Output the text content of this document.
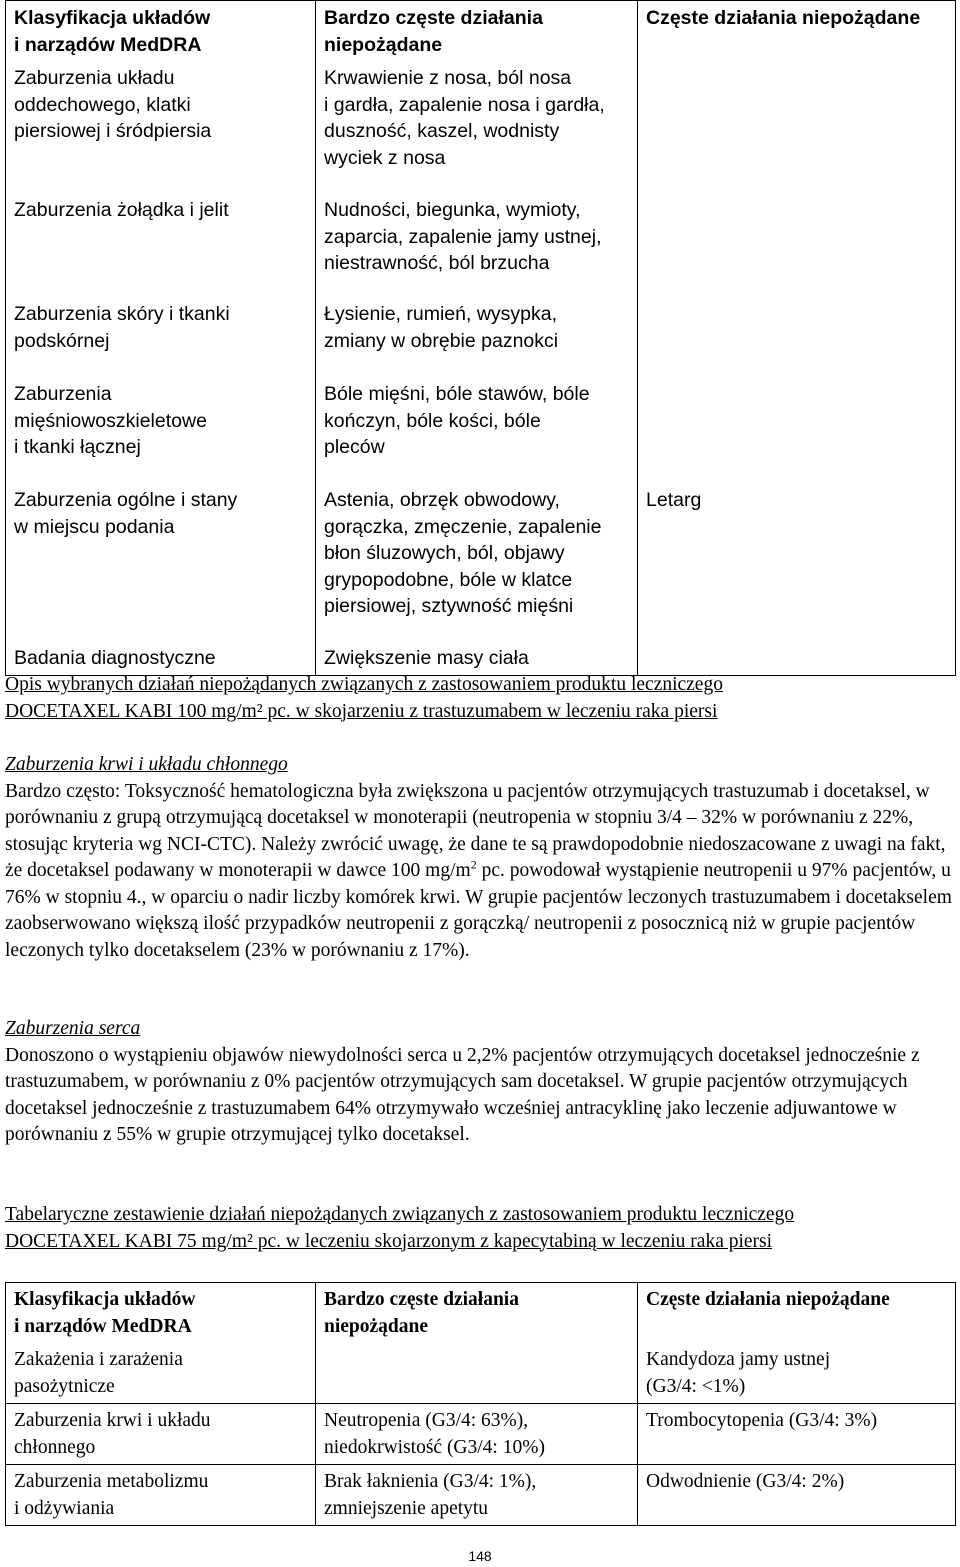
Klasyfikacja układów
i narządów MedDRA	Bardzo częste działania
niepożądane	Częste działania niepożądane

Zaburzenia układu
oddechowego, klatki
piersiowej i śródpiersia	Krwawienie z nosa, ból nosa
i gardła, zapalenie nosa i gardła,
duszność, kaszel, wodnisty
wyciek z nosa	

Zaburzenia żołądka i jelit	Nudności, biegunka, wymioty,
zaparcia, zapalenie jamy ustnej,
niestrawność, ból brzucha	

Zaburzenia skóry i tkanki
podskórnej	Łysienie, rumień, wysypka,
zmiany w obrębie paznokci	

Zaburzenia
mięśniowoszkieletowe
i tkanki łącznej	Bóle mięśni, bóle stawów, bóle
kończyn, bóle kości, bóle
pleców	

Zaburzenia ogólne i stany
w miejscu podania	Astenia, obrzęk obwodowy,
gorączka, zmęczenie, zapalenie
błon śluzowych, ból, objawy
grypopodobne, bóle w klatce
piersiowej, sztywność mięśni	Letarg

Badania diagnostyczne	Zwiększenie masy ciała	

Opis wybranych działań niepożądanych związanych z zastosowaniem produktu leczniczego

DOCETAXEL KABI 100 mg/m² pc. w skojarzeniu z trastuzumabem w leczeniu raka piersi

Zaburzenia krwi i układu chłonnego

Bardzo często: Toksyczność hematologiczna była zwiększona u pacjentów otrzymujących trastuzumab i docetaksel, w porównaniu z grupą otrzymującą docetaksel w monoterapii (neutropenia w stopniu 3/4 – 32% w porównaniu z 22%, stosując kryteria wg NCI-CTC). Należy zwrócić uwagę, że dane te są prawdopodobnie niedoszacowane z uwagi na fakt, że docetaksel podawany w monoterapii w dawce 100 $mg/m^2$ pc. powodował wystąpienie neutropenii u 97% pacjentów, u 76% w stopniu 4., w oparciu o nadir liczby komórek krwi. W grupie pacjentów leczonych trastuzumabem i docetakselem zaobserwowano większą ilość przypadków neutropenii z gorączką/ neutropenii z posocznicą niż w grupie pacjentów leczonych tylko docetakselem (23% w porównaniu z 17%).

Zaburzenia serca

Donoszono o wystąpieniu objawów niewydolności serca u 2,2% pacjentów otrzymujących docetaksel jednocześnie z trastuzumabem, w porównaniu z 0% pacjentów otrzymujących sam docetaksel. W grupie pacjentów otrzymujących docetaksel jednocześnie z trastuzumabem 64% otrzymywało wcześniej antracyklinę jako leczenie adjuwantowe w porównaniu z 55% w grupie otrzymującej tylko docetaksel.

Tabelaryczne zestawienie działań niepożądanych związanych z zastosowaniem produktu leczniczego

DOCETAXEL KABI 75 mg/m² pc. w leczeniu skojarzonym z kapecytabiną w leczeniu raka piersi

Klasyfikacja układów
i narządów MedDRA	Bardzo częste działania
niepożądane	Częste działania niepożądane

Zakażenia i zarażenia
pasożytnicze		Kandydoza jamy ustnej
(G3/4: <1%)

Zaburzenia krwi i układu
chłonnego	Neutropenia (G3/4: 63%),
niedokrwistość (G3/4: 10%)	Trombocytopenia (G3/4: 3%)

Zaburzenia metabolizmu
i odżywiania	Brak łaknienia (G3/4: 1%),
zmniejszenie apetytu	Odwodnienie (G3/4: 2%)
148
